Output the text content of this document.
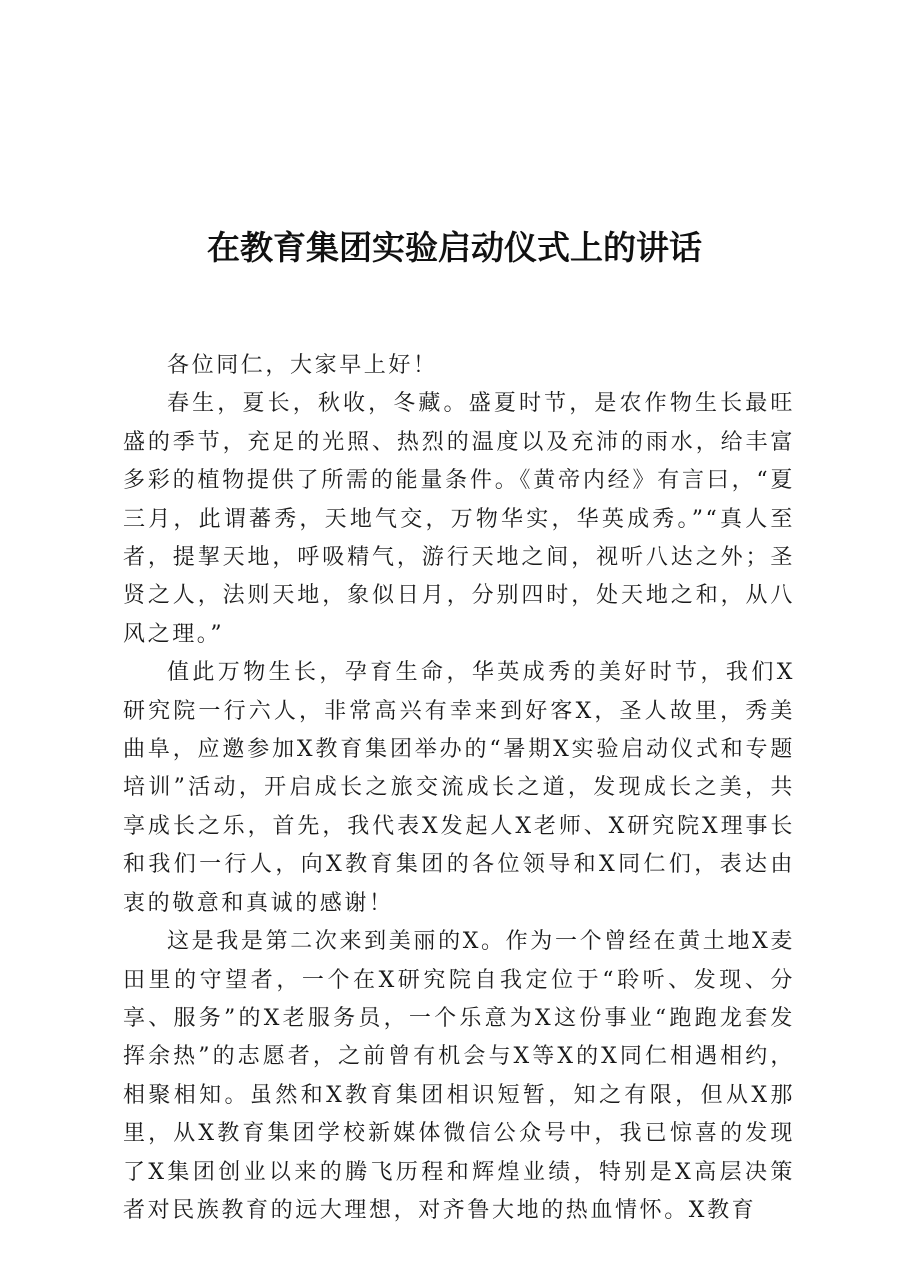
在教育集团实验启动仪式上的讲话

各位同仁，大家早上好！

春生，夏长，秋收，冬藏。盛夏时节，是农作物生长最旺盛的季节，充足的光照、热烈的温度以及充沛的雨水，给丰富多彩的植物提供了所需的能量条件。《黄帝内经》有言曰，“夏三月，此谓蕃秀，天地气交，万物华实，华英成秀。”“真人至者，提挈天地，呼吸精气，游行天地之间，视听八达之外；圣贤之人，法则天地，象似日月，分别四时，处天地之和，从八风之理。”

值此万物生长，孕育生命，华英成秀的美好时节，我们X研究院一行六人，非常高兴有幸来到好客X，圣人故里，秀美曲阜，应邀参加X教育集团举办的“暑期X实验启动仪式和专题培训”活动，开启成长之旅交流成长之道，发现成长之美，共享成长之乐，首先，我代表X发起人X老师、X研究院X理事长和我们一行人，向X教育集团的各位领导和X同仁们，表达由衷的敬意和真诚的感谢！

这是我是第二次来到美丽的X。作为一个曾经在黄土地X麦田里的守望者，一个在X研究院自我定位于“聆听、发现、分享、服务”的X老服务员，一个乐意为X这份事业“跑跑龙套发挥余热”的志愿者，之前曾有机会与X等X的X同仁相遇相约，相聚相知。虽然和X教育集团相识短暂，知之有限，但从X那里，从X教育集团学校新媒体微信公众号中，我已惊喜的发现了X集团创业以来的腾飞历程和辉煌业绩，特别是X高层决策者对民族教育的远大理想，对齐鲁大地的热血情怀。X教育
